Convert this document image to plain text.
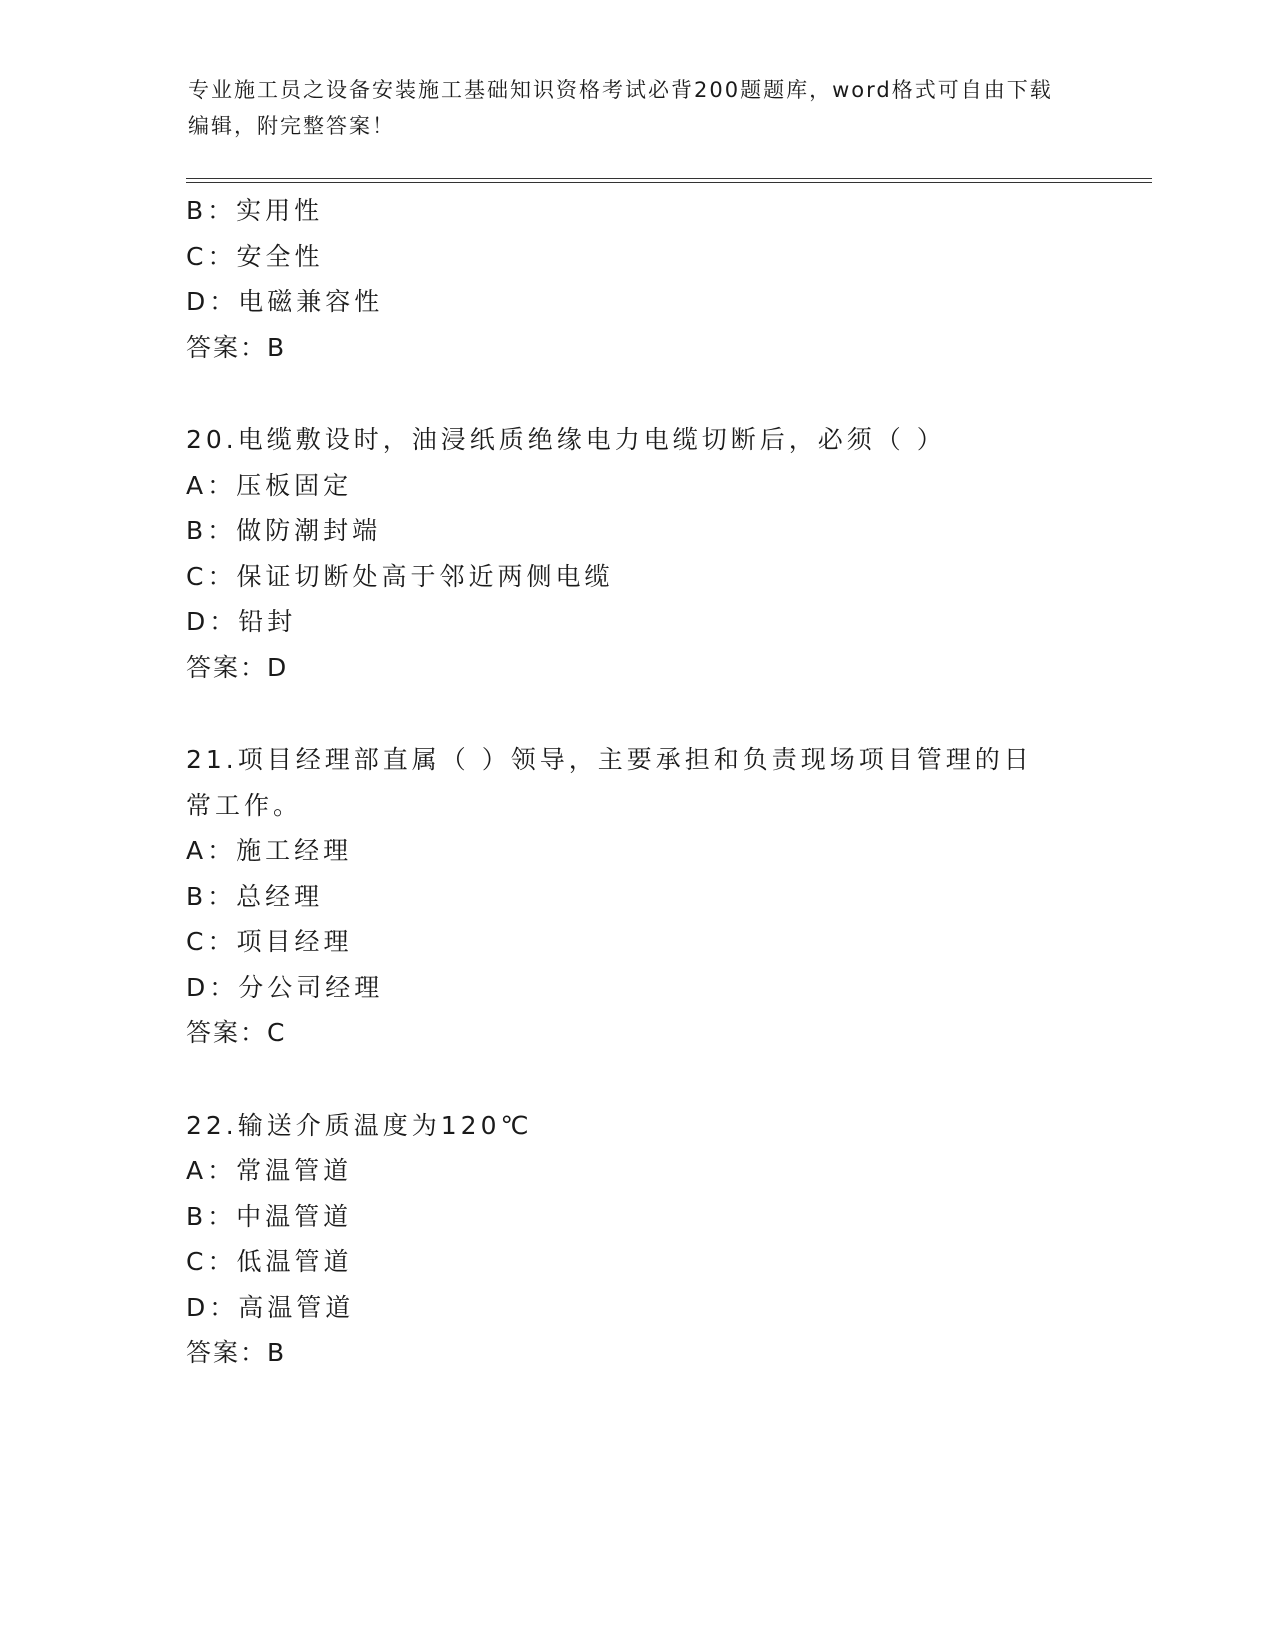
专业施工员之设备安装施工基础知识资格考试必背200题题库，word格式可自由下载编辑，附完整答案！
B：实用性
C：安全性
D：电磁兼容性
答案：B
20.电缆敷设时，油浸纸质绝缘电力电缆切断后，必须（ ）
A：压板固定
B：做防潮封端
C：保证切断处高于邻近两侧电缆
D：铅封
答案：D
21.项目经理部直属（ ）领导，主要承担和负责现场项目管理的日常工作。
A：施工经理
B：总经理
C：项目经理
D：分公司经理
答案：C
22.输送介质温度为120℃
A：常温管道
B：中温管道
C：低温管道
D：高温管道
答案：B
